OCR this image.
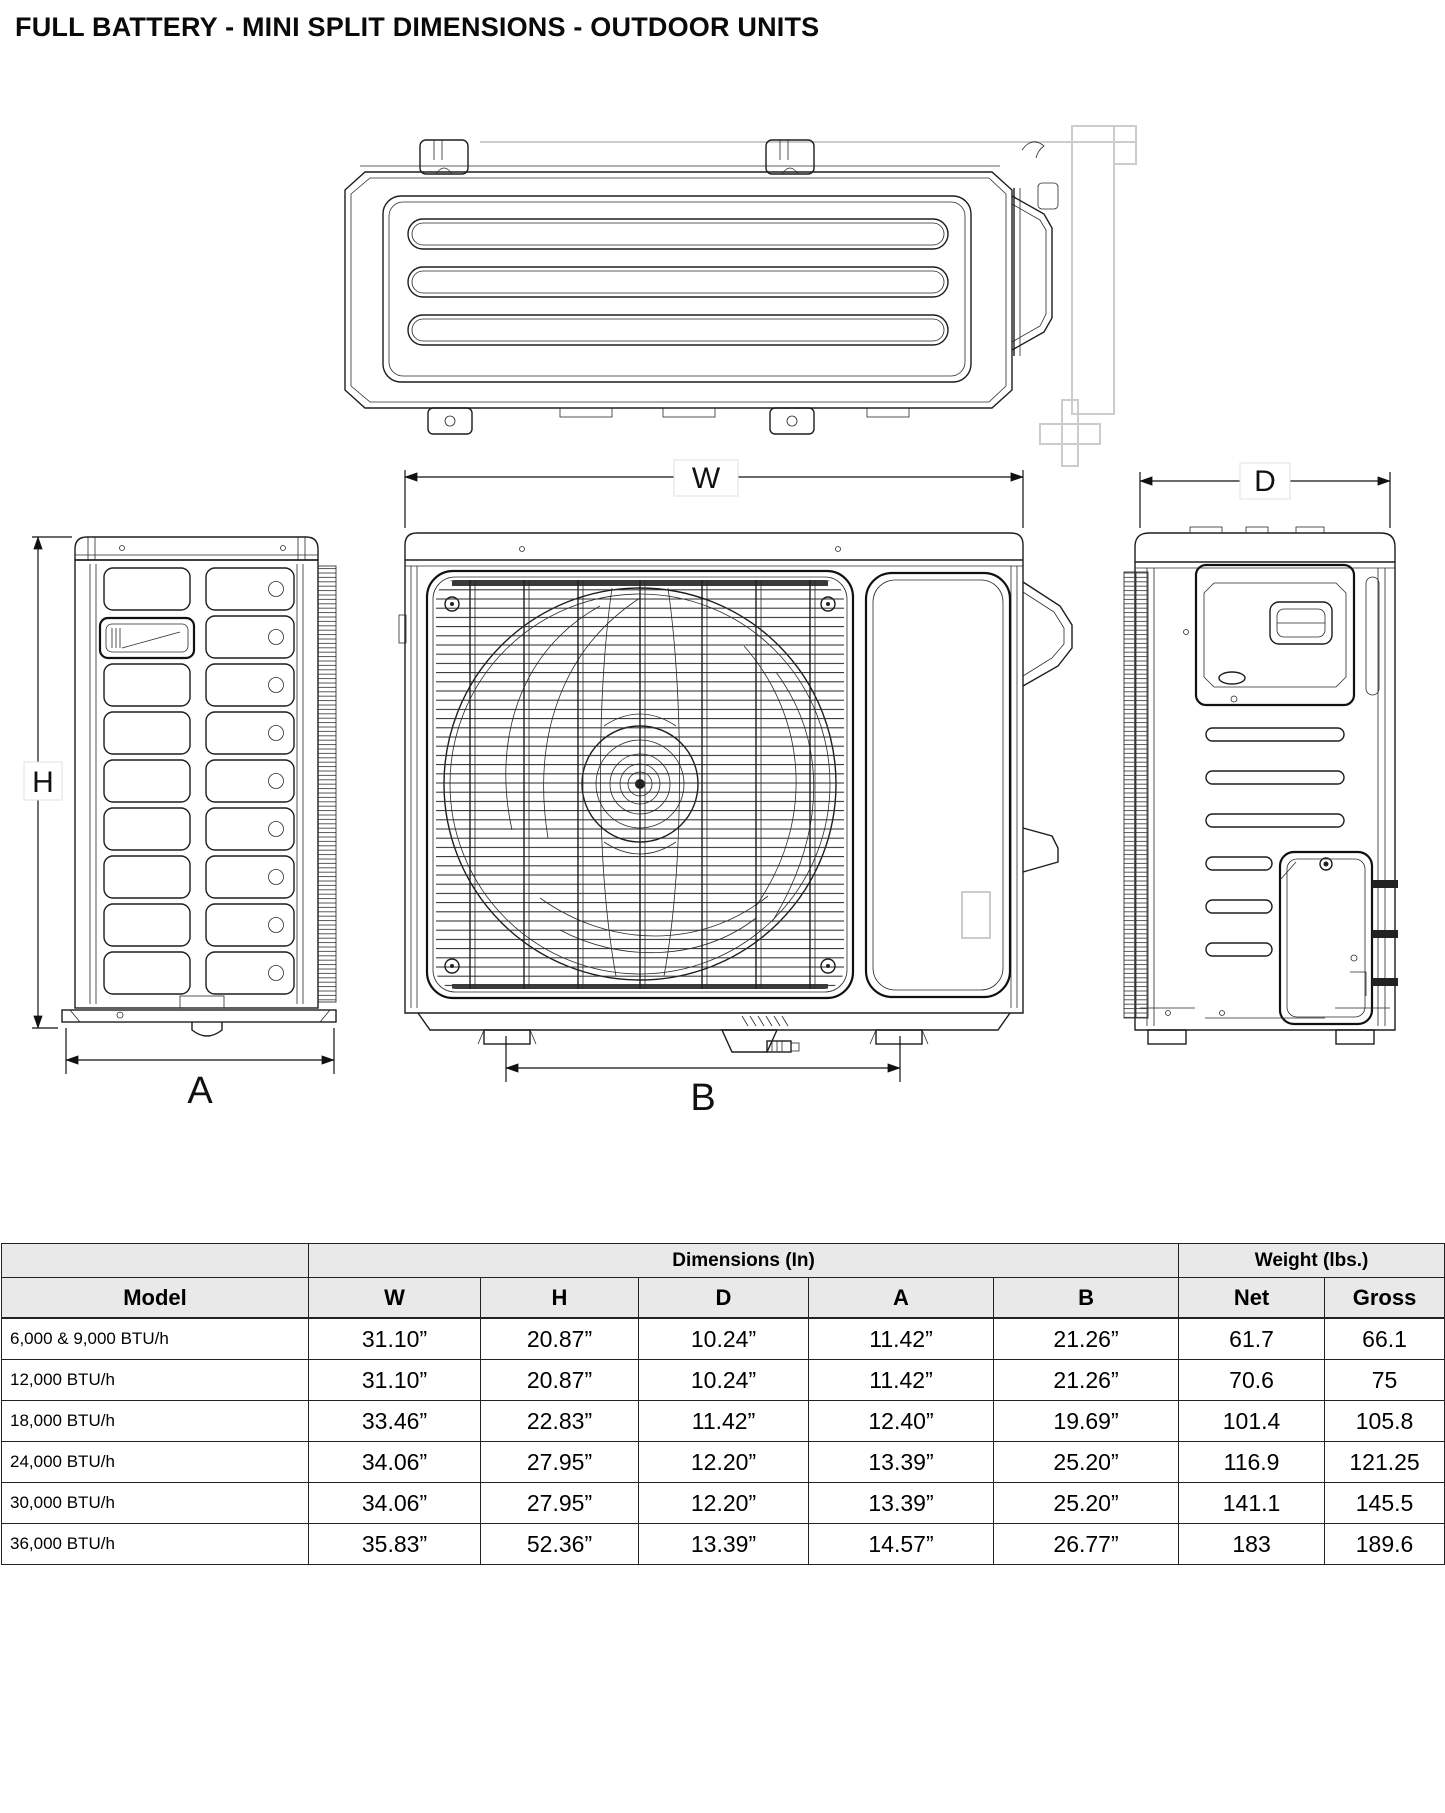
FULL BATTERY - MINI SPLIT DIMENSIONS - OUTDOOR UNITS
W	D
H
A	B
	Dimensions (In)					Weight (lbs.)	
Model	W	H	D	A	B	Net	Gross
6,000 & 9,000 BTU/h	31.10”	20.87”	10.24”	11.42”	21.26”	61.7	66.1
12,000 BTU/h	31.10”	20.87”	10.24”	11.42”	21.26”	70.6	75
18,000 BTU/h	33.46”	22.83”	11.42”	12.40”	19.69”	101.4	105.8
24,000 BTU/h	34.06”	27.95”	12.20”	13.39”	25.20”	116.9	121.25
30,000 BTU/h	34.06”	27.95”	12.20”	13.39”	25.20”	141.1	145.5
36,000 BTU/h	35.83”	52.36”	13.39”	14.57”	26.77”	183	189.6
